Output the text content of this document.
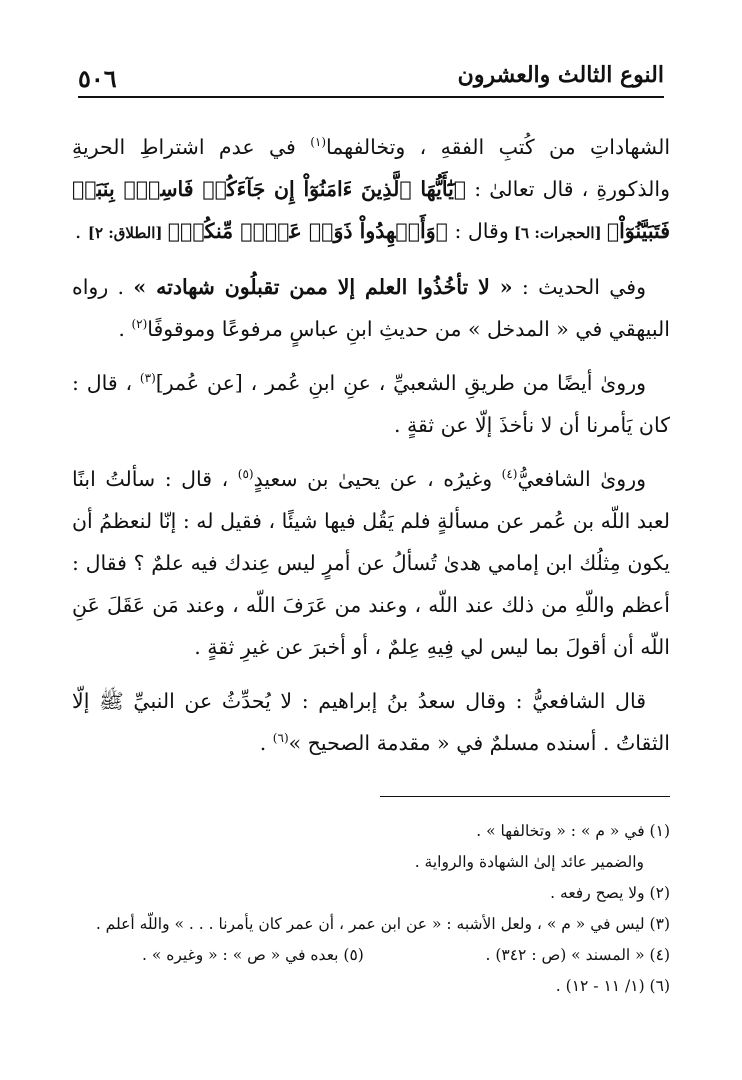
٥٠٦	النوع الثالث والعشرون

الشهاداتِ من كُتبِ الفقهِ ، وتخالفهما$^{(١)}$ في عدم اشتراطِ الحريةِ والذكورةِ ، قال تعالىٰ : ﴿يَٰٓأَيُّهَا ٱلَّذِينَ ءَامَنُوٓاْ إِن جَآءَكُمۡ فَاسِقُۢ بِنَبَإٖ فَتَبَيَّنُوٓاْ﴾ [الحجرات: ٦] وقال : ﴿وَأَشۡهِدُواْ ذَوَيۡ عَدۡلٖ مِّنكُمۡ﴾ [الطلاق: ٢] .

وفي الحديث : « لا تأخُذُوا العلم إلا ممن تقبلُون شهادته » . رواه البيهقي في « المدخل » من حديثِ ابنِ عباسٍ مرفوعًا وموقوفًا$^{(٢)}$ .

وروىٰ أيضًا من طريقِ الشعبيِّ ، عنِ ابنِ عُمر ، [عن عُمر]$^{(٣)}$ ، قال : كان يَأمرنا أن لا نأخذَ إلّا عن ثقةٍ .

وروىٰ الشافعيُّ$^{(٤)}$ وغيرُه ، عن يحيىٰ بن سعيدٍ$^{(٥)}$ ، قال : سألتُ ابنًا لعبد اللّه بن عُمر عن مسألةٍ فلم يَقُل فيها شيئًا ، فقيل له : إنّا لنعظمُ أن يكون مِثلُك ابن إمامي هدىٰ تُسألُ عن أمرٍ ليس عِندك فيه علمٌ ؟ فقال : أعظم واللّهِ من ذلك عند اللّه ، وعند من عَرَفَ اللّه ، وعند مَن عَقَلَ عَنِ اللّه أن أقولَ بما ليس لي فِيهِ عِلمٌ ، أو أخبرَ عن غيرِ ثقةٍ .

قال الشافعيُّ : وقال سعدُ بنُ إبراهيم : لا يُحدِّثُ عن النبيِّ ﷺ إلّا الثقاتُ . أسنده مسلمٌ في « مقدمة الصحيح »$^{(٦)}$ .

(١) في « م » : « وتخالفها » .
والضمير عائد إلىٰ الشهادة والرواية .
(٢) ولا يصح رفعه .
(٣) ليس في « م » ، ولعل الأشبه : « عن ابن عمر ، أن عمر كان يأمرنا . . . » واللّه أعلم .
(٤) « المسند » (ص : ٣٤٢) .
(٥) بعده في « ص » : « وغيره » .
(٦) (١/ ١١ - ١٢) .
